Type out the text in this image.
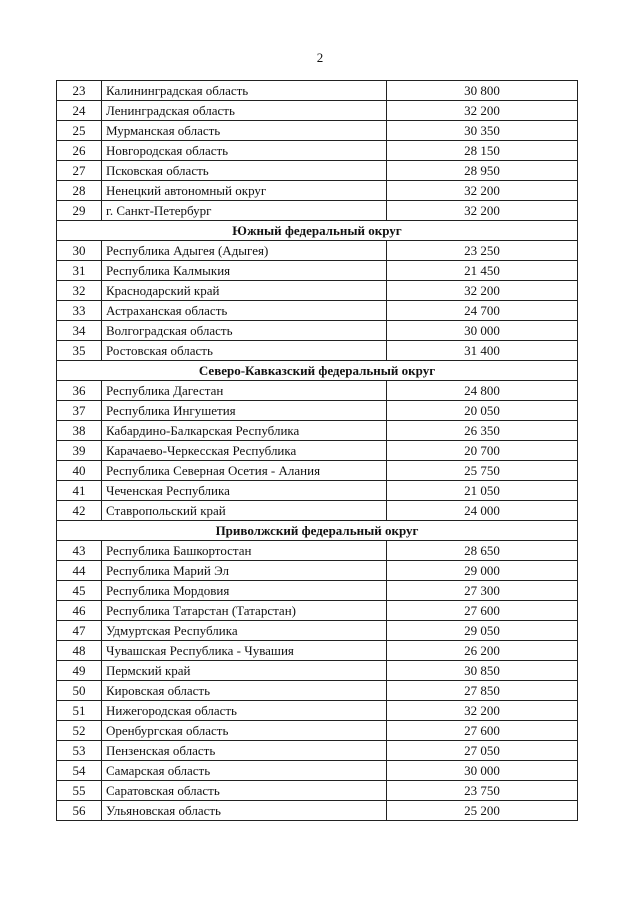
2
23	Калининградская область	30 800
24	Ленинградская область	32 200
25	Мурманская область	30 350
26	Новгородская область	28 150
27	Псковская область	28 950
28	Ненецкий автономный округ	32 200
29	г. Санкт-Петербург	32 200
Южный федеральный округ		
30	Республика Адыгея (Адыгея)	23 250
31	Республика Калмыкия	21 450
32	Краснодарский край	32 200
33	Астраханская область	24 700
34	Волгоградская область	30 000
35	Ростовская область	31 400
Северо-Кавказский федеральный округ		
36	Республика Дагестан	24 800
37	Республика Ингушетия	20 050
38	Кабардино-Балкарская Республика	26 350
39	Карачаево-Черкесская Республика	20 700
40	Республика Северная Осетия - Алания	25 750
41	Чеченская Республика	21 050
42	Ставропольский край	24 000
Приволжский федеральный округ		
43	Республика Башкортостан	28 650
44	Республика Марий Эл	29 000
45	Республика Мордовия	27 300
46	Республика Татарстан (Татарстан)	27 600
47	Удмуртская Республика	29 050
48	Чувашская Республика - Чувашия	26 200
49	Пермский край	30 850
50	Кировская область	27 850
51	Нижегородская область	32 200
52	Оренбургская область	27 600
53	Пензенская область	27 050
54	Самарская область	30 000
55	Саратовская область	23 750
56	Ульяновская область	25 200
